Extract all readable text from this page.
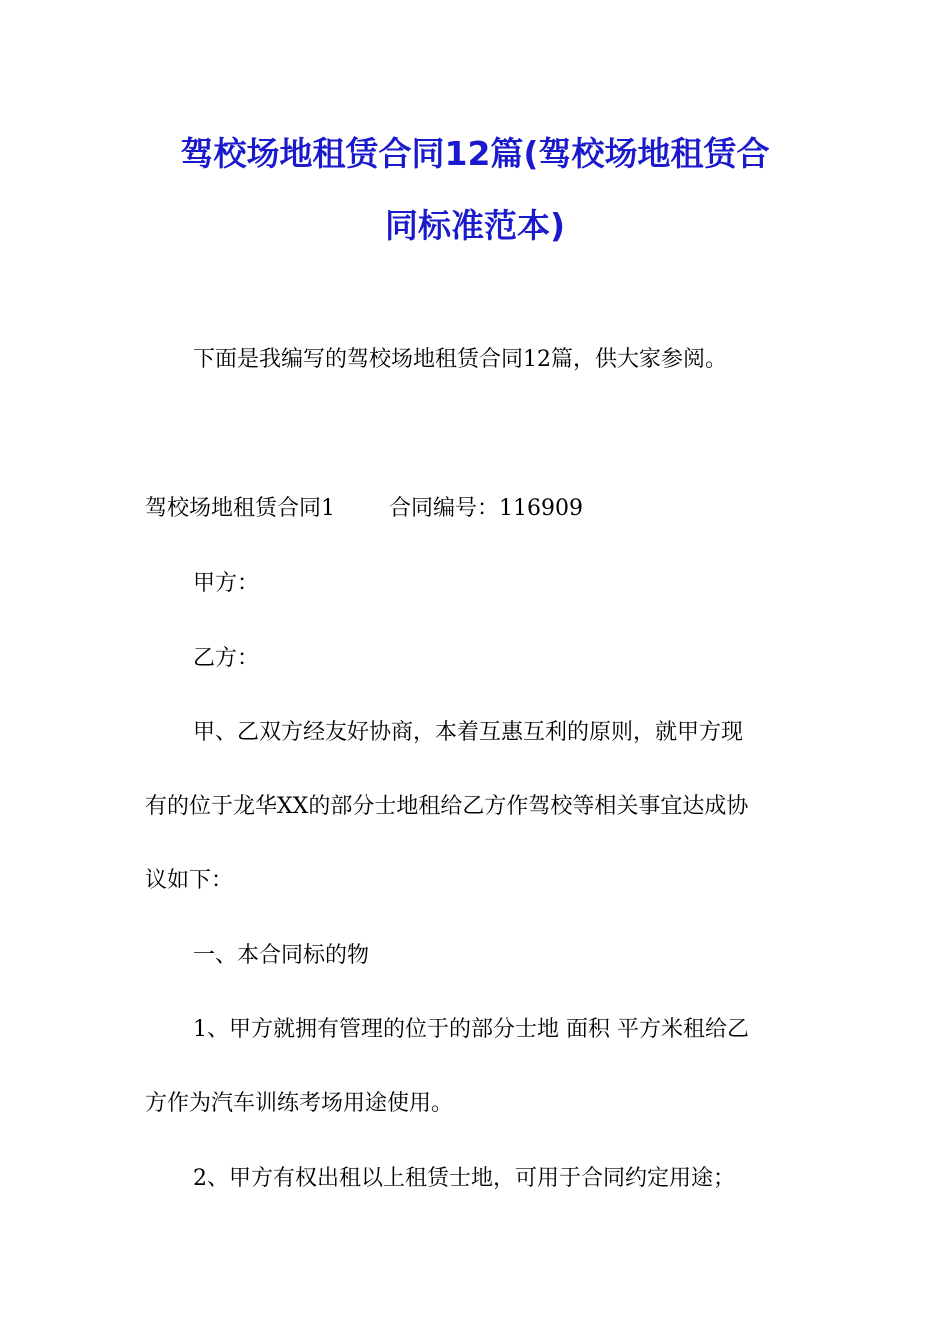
驾校场地租赁合同12篇(驾校场地租赁合
同标准范本)
下面是我编写的驾校场地租赁合同12篇，供大家参阅。
驾校场地租赁合同1 合同编号：116909
甲方：
乙方：
甲、乙双方经友好协商，本着互惠互利的原则，就甲方现
有的位于龙华XX的部分士地租给乙方作驾校等相关事宜达成协
议如下：
一、本合同标的物
1、甲方就拥有管理的位于的部分士地 面积 平方米租给乙
方作为汽车训练考场用途使用。
2、甲方有权出租以上租赁士地，可用于合同约定用途；
